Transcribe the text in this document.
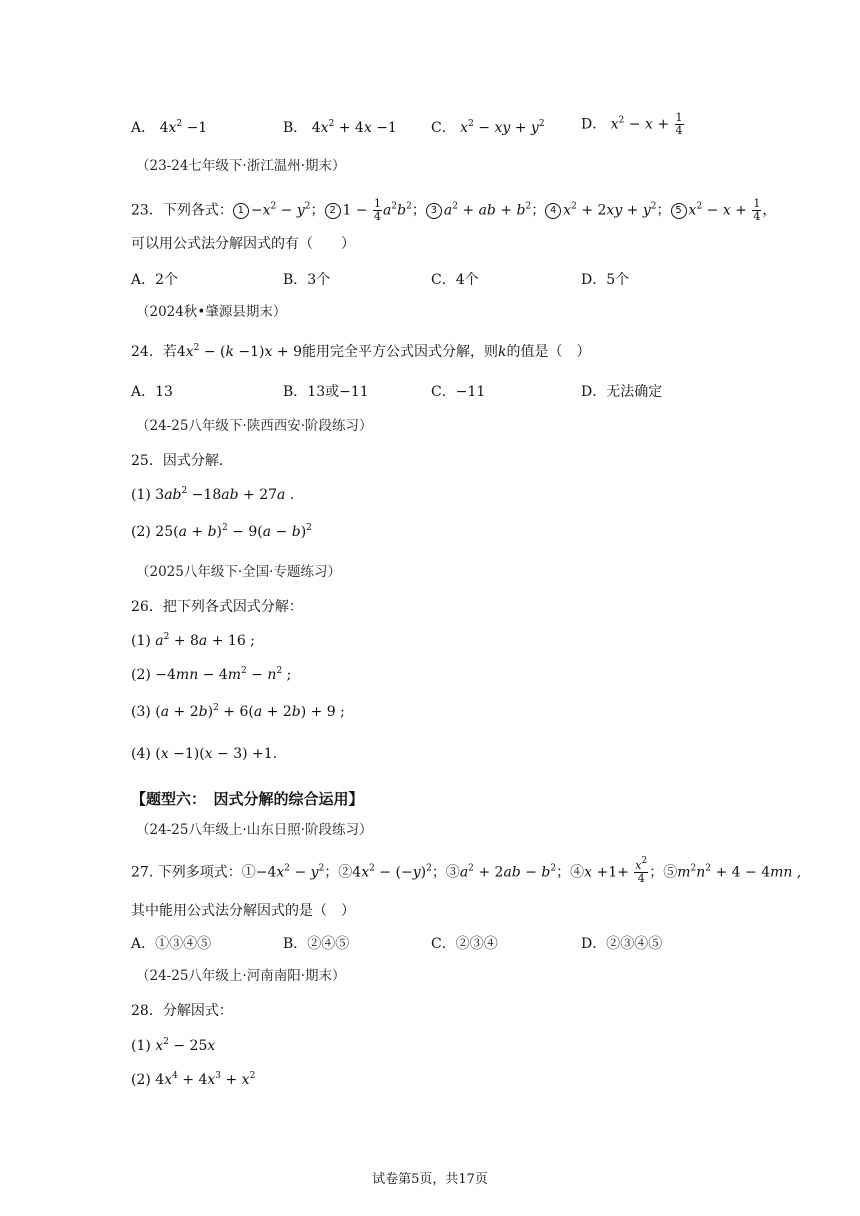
A． $4x^2 -1$	B． $4x^2 + 4x -1$ C． $x^2$ − xy + $y^2$	D． $x^2 - x + \frac{1}{4}$
（23-24七年级下·浙江温州·期末）
23．下列各式： $1 -x^2 - y^2$； 2 $1 - \frac{1}{4} a^2b^2$； 3 $a^2$ + ab + $b^2$； 4 $x^2 + 2xy + y^2$； 5 $x^2 - x + \frac{1}{4}$ ，
可以用公式法分解因式的有（　　）
A．2个	B．3个	C．4个	D．5个
（2024秋•肇源县期末）
24．若$4x^2 - (k -1)x + 9$能用完全平方公式因式分解，则k的值是（　）
A．13	B．13或−11	C．−11	D．无法确定
（24-25八年级下·陕西西安·阶段练习）
25．因式分解.
(1) $3ab^2 -18ab + 27a$ .
(2) $25(a + b)^2 - 9(a - b)^2$
（2025八年级下·全国·专题练习）
26．把下列各式因式分解：
(1) $a^2 + 8a + 16$ ;
$(2) -4mn - 4m^2 - n^2$ ;
(3) $(a + 2b)^2 + 6(a + 2b) + 9$ ;
(4) (x −1)(x − 3) +1.
【题型六：　因式分解的综合运用】
（24-25八年级上·山东日照·阶段练习）
27. 下列多项式：$①-4x^2 - y^2$；$②4x^2 - (-y)^2$；$③a^2 + 2ab - b^2$；④x $+1+ \frac{x^2}{4}$ ；$⑤m^2n^2 + 4 - 4mn$ ,
其中能用公式法分解因式的是（　）
A．①③④⑤	B．②④⑤	C．②③④	D．②③④⑤
（24-25八年级上·河南南阳·期末）
28．分解因式：
(1) $x^2 - 25x$
(2) $4x^4 + 4x^3 + x^2$
试卷第5页，共17页
